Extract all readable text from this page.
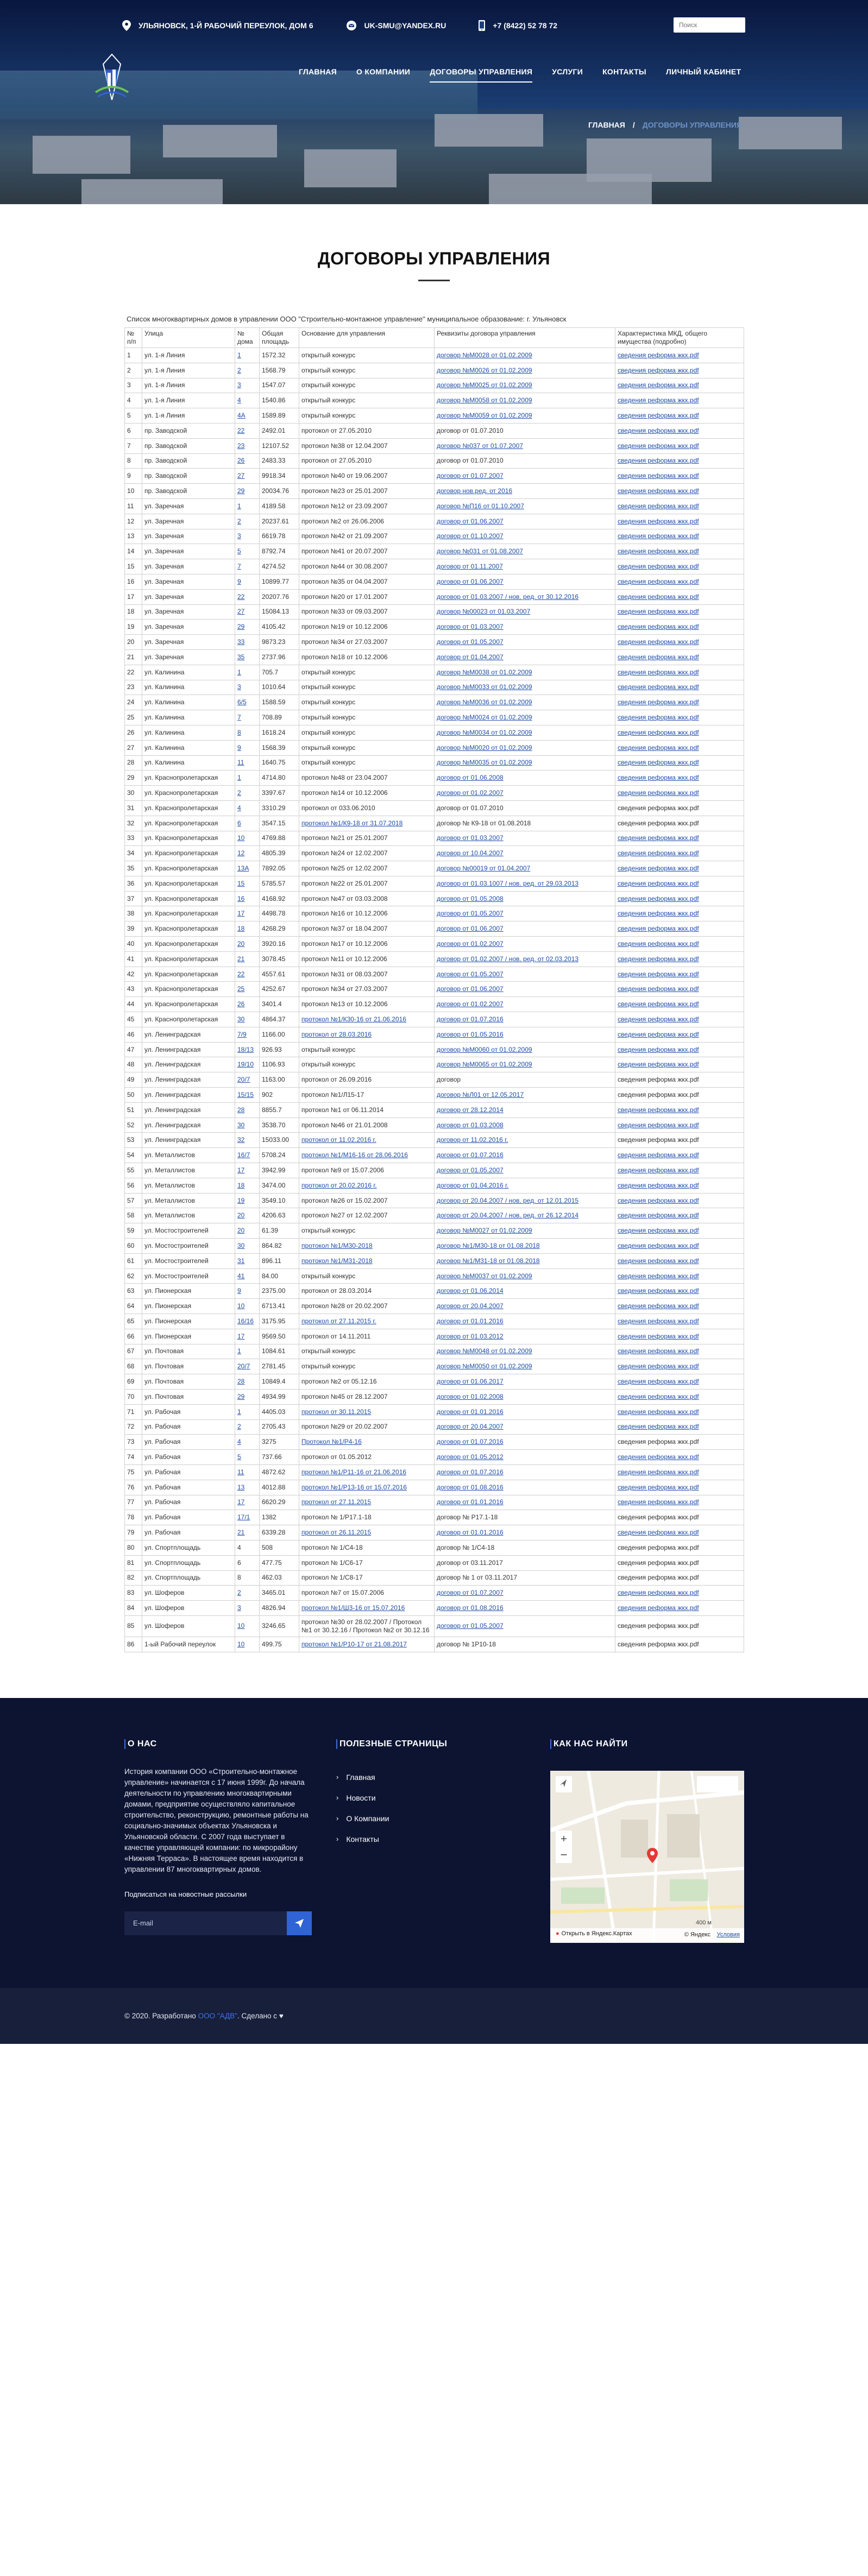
УЛЬЯНОВСК, 1-Й РАБОЧИЙ ПЕРЕУЛОК, ДОМ 6	UK-SMU@YANDEX.RU	+7 (8422) 52 78 72
Поиск
ГЛАВНАЯ	О КОМПАНИИ	ДОГОВОРЫ УПРАВЛЕНИЯ	УСЛУГИ	КОНТАКТЫ	ЛИЧНЫЙ КАБИНЕТ
ГЛАВНАЯ / ДОГОВОРЫ УПРАВЛЕНИЯ
ДОГОВОРЫ УПРАВЛЕНИЯ
Список многоквартирных домов в управлении ООО "Строительно-монтажное управление" муниципальное образование: г. Ульяновск
№ п/п	Улица	№ дома	Общая площадь	Основание для управления	Реквизиты договора управления	Характеристика МКД, общего имущества (подробно)
1	ул. 1-я Линия	1	1572.32	открытый конкурс	договор №М0028 от 01.02.2009	сведения реформа жкх.pdf
2	ул. 1-я Линия	2	1568.79	открытый конкурс	договор №М0026 от 01.02.2009	сведения реформа жкх.pdf
3	ул. 1-я Линия	3	1547.07	открытый конкурс	договор №М0025 от 01.02.2009	сведения реформа жкх.pdf
4	ул. 1-я Линия	4	1540.86	открытый конкурс	договор №М0058 от 01.02.2009	сведения реформа жкх.pdf
5	ул. 1-я Линия	4А	1589.89	открытый конкурс	договор №М0059 от 01.02.2009	сведения реформа жкх.pdf
6	пр. Заводской	22	2492.01	протокол от 27.05.2010	договор от 01.07.2010	сведения реформа жкх.pdf
7	пр. Заводской	23	12107.52	протокол №38 от 12.04.2007	договор №037 от 01.07.2007	сведения реформа жкх.pdf
8	пр. Заводской	26	2483.33	протокол от 27.05.2010	договор от 01.07.2010	сведения реформа жкх.pdf
9	пр. Заводской	27	9918.34	протокол №40 от 19.06.2007	договор от 01.07.2007	сведения реформа жкх.pdf
10	пр. Заводской	29	20034.76	протокол №23 от 25.01.2007	договор нов.ред. от 2016	сведения реформа жкх.pdf
11	ул. Заречная	1	4189.58	протокол №12 от 23.09.2007	договор №П16 от 01.10.2007	сведения реформа жкх.pdf
12	ул. Заречная	2	20237.61	протокол №2 от 26.06.2006	договор от 01.06.2007	сведения реформа жкх.pdf
13	ул. Заречная	3	6619.78	протокол №42 от 21.09.2007	договор от 01.10.2007	сведения реформа жкх.pdf
14	ул. Заречная	5	8792.74	протокол №41 от 20.07.2007	договор №031 от 01.08.2007	сведения реформа жкх.pdf
15	ул. Заречная	7	4274.52	протокол №44 от 30.08.2007	договор от 01.11.2007	сведения реформа жкх.pdf
16	ул. Заречная	9	10899.77	протокол №35 от 04.04.2007	договор от 01.06.2007	сведения реформа жкх.pdf
17	ул. Заречная	22	20207.76	протокол №20 от 17.01.2007	договор от 01.03.2007 / нов. ред. от 30.12.2016	сведения реформа жкх.pdf
18	ул. Заречная	27	15084.13	протокол №33 от 09.03.2007	договор №00023 от 01.03.2007	сведения реформа жкх.pdf
19	ул. Заречная	29	4105.42	протокол №19 от 10.12.2006	договор от 01.03.2007	сведения реформа жкх.pdf
20	ул. Заречная	33	9873.23	протокол №34 от 27.03.2007	договор от 01.05.2007	сведения реформа жкх.pdf
21	ул. Заречная	35	2737.96	протокол №18 от 10.12.2006	договор от 01.04.2007	сведения реформа жкх.pdf
22	ул. Калинина	1	705.7	открытый конкурс	договор №М0038 от 01.02.2009	сведения реформа жкх.pdf
23	ул. Калинина	3	1010.64	открытый конкурс	договор №М0033 от 01.02.2009	сведения реформа жкх.pdf
24	ул. Калинина	6/5	1588.59	открытый конкурс	договор №М0036 от 01.02.2009	сведения реформа жкх.pdf
25	ул. Калинина	7	708.89	открытый конкурс	договор №М0024 от 01.02.2009	сведения реформа жкх.pdf
26	ул. Калинина	8	1618.24	открытый конкурс	договор №М0034 от 01.02.2009	сведения реформа жкх.pdf
27	ул. Калинина	9	1568.39	открытый конкурс	договор №М0020 от 01.02.2009	сведения реформа жкх.pdf
28	ул. Калинина	11	1640.75	открытый конкурс	договор №М0035 от 01.02.2009	сведения реформа жкх.pdf
29	ул. Краснопролетарская	1	4714.80	протокол №48 от 23.04.2007	договор от 01.06.2008	сведения реформа жкх.pdf
30	ул. Краснопролетарская	2	3397.67	протокол №14 от 10.12.2006	договор от 01.02.2007	сведения реформа жкх.pdf
31	ул. Краснопролетарская	4	3310.29	протокол от 033.06.2010	договор от 01.07.2010	сведения реформа жкх.pdf
32	ул. Краснопролетарская	6	3547.15	протокол №1/К9-18 от 31.07.2018	договор № К9-18 от 01.08.2018	сведения реформа жкх.pdf
33	ул. Краснопролетарская	10	4769.88	протокол №21 от 25.01.2007	договор от 01.03.2007	сведения реформа жкх.pdf
34	ул. Краснопролетарская	12	4805.39	протокол №24 от 12.02.2007	договор от 10.04.2007	сведения реформа жкх.pdf
35	ул. Краснопролетарская	13А	7892.05	протокол №25 от 12.02.2007	договор №00019 от 01.04.2007	сведения реформа жкх.pdf
36	ул. Краснопролетарская	15	5785.57	протокол №22 от 25.01.2007	договор от 01.03.1007 / нов. ред. от 29.03.2013	сведения реформа жкх.pdf
37	ул. Краснопролетарская	16	4168.92	протокол №47 от 03.03.2008	договор от 01.05.2008	сведения реформа жкх.pdf
38	ул. Краснопролетарская	17	4498.78	протокол №16 от 10.12.2006	договор от 01.05.2007	сведения реформа жкх.pdf
39	ул. Краснопролетарская	18	4268.29	протокол №37 от 18.04.2007	договор от 01.06.2007	сведения реформа жкх.pdf
40	ул. Краснопролетарская	20	3920.16	протокол №17 от 10.12.2006	договор от 01.02.2007	сведения реформа жкх.pdf
41	ул. Краснопролетарская	21	3078.45	протокол №11 от 10.12.2006	договор от 01.02.2007 / нов. ред. от 02.03.2013	сведения реформа жкх.pdf
42	ул. Краснопролетарская	22	4557.61	протокол №31 от 08.03.2007	договор от 01.05.2007	сведения реформа жкх.pdf
43	ул. Краснопролетарская	25	4252.67	протокол №34 от 27.03.2007	договор от 01.06.2007	сведения реформа жкх.pdf
44	ул. Краснопролетарская	26	3401.4	протокол №13 от 10.12.2006	договор от 01.02.2007	сведения реформа жкх.pdf
45	ул. Краснопролетарская	30	4864.37	протокол №1/К30-16 от 21.06.2016	договор от 01.07.2016	сведения реформа жкх.pdf
46	ул. Ленинградская	7/9	1166.00	протокол от 28.03.2016	договор от 01.05.2016	сведения реформа жкх.pdf
47	ул. Ленинградская	18/13	926.93	открытый конкурс	договор №М0060 от 01.02.2009	сведения реформа жкх.pdf
48	ул. Ленинградская	19/10	1106.93	открытый конкурс	договор №М0065 от 01.02.2009	сведения реформа жкх.pdf
49	ул. Ленинградская	20/7	1163.00	протокол от 26.09.2016	договор	сведения реформа жкх.pdf
50	ул. Ленинградская	15/15	902	протокол №1/Л15-17	договор №Л01 от 12.05.2017	сведения реформа жкх.pdf
51	ул. Ленинградская	28	8855.7	протокол №1 от 06.11.2014	договор от 28.12.2014	сведения реформа жкх.pdf
52	ул. Ленинградская	30	3538.70	протокол №46 от 21.01.2008	договор от 01.03.2008	сведения реформа жкх.pdf
53	ул. Ленинградская	32	15033.00	протокол от 11.02.2016 г.	договор от 11.02.2016 г.	сведения реформа жкх.pdf
54	ул. Металлистов	16/7	5708.24	протокол №1/М16-16 от 28.06.2016	договор от 01.07.2016	сведения реформа жкх.pdf
55	ул. Металлистов	17	3942.99	протокол №9 от 15.07.2006	договор от 01.05.2007	сведения реформа жкх.pdf
56	ул. Металлистов	18	3474.00	протокол от 20.02.2016 г.	договор от 01.04.2016 г.	сведения реформа жкх.pdf
57	ул. Металлистов	19	3549.10	протокол №26 от 15.02.2007	договор от 20.04.2007 / нов. ред. от 12.01.2015	сведения реформа жкх.pdf
58	ул. Металлистов	20	4206.63	протокол №27 от 12.02.2007	договор от 20.04.2007 / нов. ред. от 26.12.2014	сведения реформа жкх.pdf
59	ул. Мостостроителей	20	61.39	открытый конкурс	договор №М0027 от 01.02.2009	сведения реформа жкх.pdf
60	ул. Мостостроителей	30	864.82	протокол №1/М30-2018	договор №1/М30-18 от 01.08.2018	сведения реформа жкх.pdf
61	ул. Мостостроителей	31	896.11	протокол №1/М31-2018	договор №1/М31-18 от 01.08.2018	сведения реформа жкх.pdf
62	ул. Мостостроителей	41	84.00	открытый конкурс	договор №М0037 от 01.02.2009	сведения реформа жкх.pdf
63	ул. Пионерская	9	2375.00	протокол от 28.03.2014	договор от 01.06.2014	сведения реформа жкх.pdf
64	ул. Пионерская	10	6713.41	протокол №28 от 20.02.2007	договор от 20.04.2007	сведения реформа жкх.pdf
65	ул. Пионерская	16/16	3175.95	протокол от 27.11.2015 г.	договор от 01.01.2016	сведения реформа жкх.pdf
66	ул. Пионерская	17	9569.50	протокол от 14.11.2011	договор от 01.03.2012	сведения реформа жкх.pdf
67	ул. Почтовая	1	1084.61	открытый конкурс	договор №М0048 от 01.02.2009	сведения реформа жкх.pdf
68	ул. Почтовая	20/7	2781.45	открытый конкурс	договор №М0050 от 01.02.2009	сведения реформа жкх.pdf
69	ул. Почтовая	28	10849.4	протокол №2 от 05.12.16	договор от 01.06.2017	сведения реформа жкх.pdf
70	ул. Почтовая	29	4934.99	протокол №45 от 28.12.2007	договор от 01.02.2008	сведения реформа жкх.pdf
71	ул. Рабочая	1	4405.03	протокол от 30.11.2015	договор от 01.01.2016	сведения реформа жкх.pdf
72	ул. Рабочая	2	2705.43	протокол №29 от 20.02.2007	договор от 20.04.2007	сведения реформа жкх.pdf
73	ул. Рабочая	4	3275	Протокол №1/Р4-16	договор от 01.07.2016	сведения реформа жкх.pdf
74	ул. Рабочая	5	737.66	протокол от 01.05.2012	договор от 01.05.2012	сведения реформа жкх.pdf
75	ул. Рабочая	11	4872.62	протокол №1/Р11-16 от 21.06.2016	договор от 01.07.2016	сведения реформа жкх.pdf
76	ул. Рабочая	13	4012.88	протокол №1/Р13-16 от 15.07.2016	договор от 01.08.2016	сведения реформа жкх.pdf
77	ул. Рабочая	17	6620.29	протокол от 27.11.2015	договор от 01.01.2016	сведения реформа жкх.pdf
78	ул. Рабочая	17/1	1382	протокол № 1/Р17.1-18	договор № Р17.1-18	сведения реформа жкх.pdf
79	ул. Рабочая	21	6339.28	протокол от 26.11.2015	договор от 01.01.2016	сведения реформа жкх.pdf
80	ул. Спортплощадь	4	508	протокол № 1/С4-18	договор № 1/С4-18	сведения реформа жкх.pdf
81	ул. Спортплощадь	6	477.75	протокол № 1/С6-17	договор от 03.11.2017	сведения реформа жкх.pdf
82	ул. Спортплощадь	8	462.03	протокол № 1/С8-17	договор № 1 от 03.11.2017	сведения реформа жкх.pdf
83	ул. Шоферов	2	3465.01	протокол №7 от 15.07.2006	договор от 01.07.2007	сведения реформа жкх.pdf
84	ул. Шоферов	3	4826.94	протокол №1/Ш3-16 от 15.07.2016	договор от 01.08.2016	сведения реформа жкх.pdf
85	ул. Шоферов	10	3246.65	протокол №30 от 28.02.2007 / Протокол №1 от 30.12.16 / Протокол №2 от 30.12.16	договор от 01.05.2007	сведения реформа жкх.pdf
86	1-ый Рабочий переулок	10	499.75	протокол №1/Р10-17 от 21.08.2017	договор № 1Р10-18	сведения реформа жкх.pdf
О НАС

История компании ООО «Строительно-монтажное управление» начинается с 17 июня 1999г. До начала деятельности по управлению многоквартирными домами, предприятие осуществляло капитальное строительство, реконструкцию, ремонтные работы на социально-значимых объектах Ульяновска и Ульяновской области. С 2007 года выступает в качестве управляющей компании: по микрорайону «Нижняя Терраса». В настоящее время находится в управлении 87 многоквартирных домов.

Подписаться на новостные рассылки
E-mail
ПОЛЕЗНЫЕ СТРАНИЦЫ
› Главная
› Новости
› О Компании
› Контакты
КАК НАС НАЙТИ
+
−
● Открыть в Яндекс.Картах
400 м
© Яндекс Условия
© 2020. Разработано
ООО "АДВ" . Сделано с ♥
